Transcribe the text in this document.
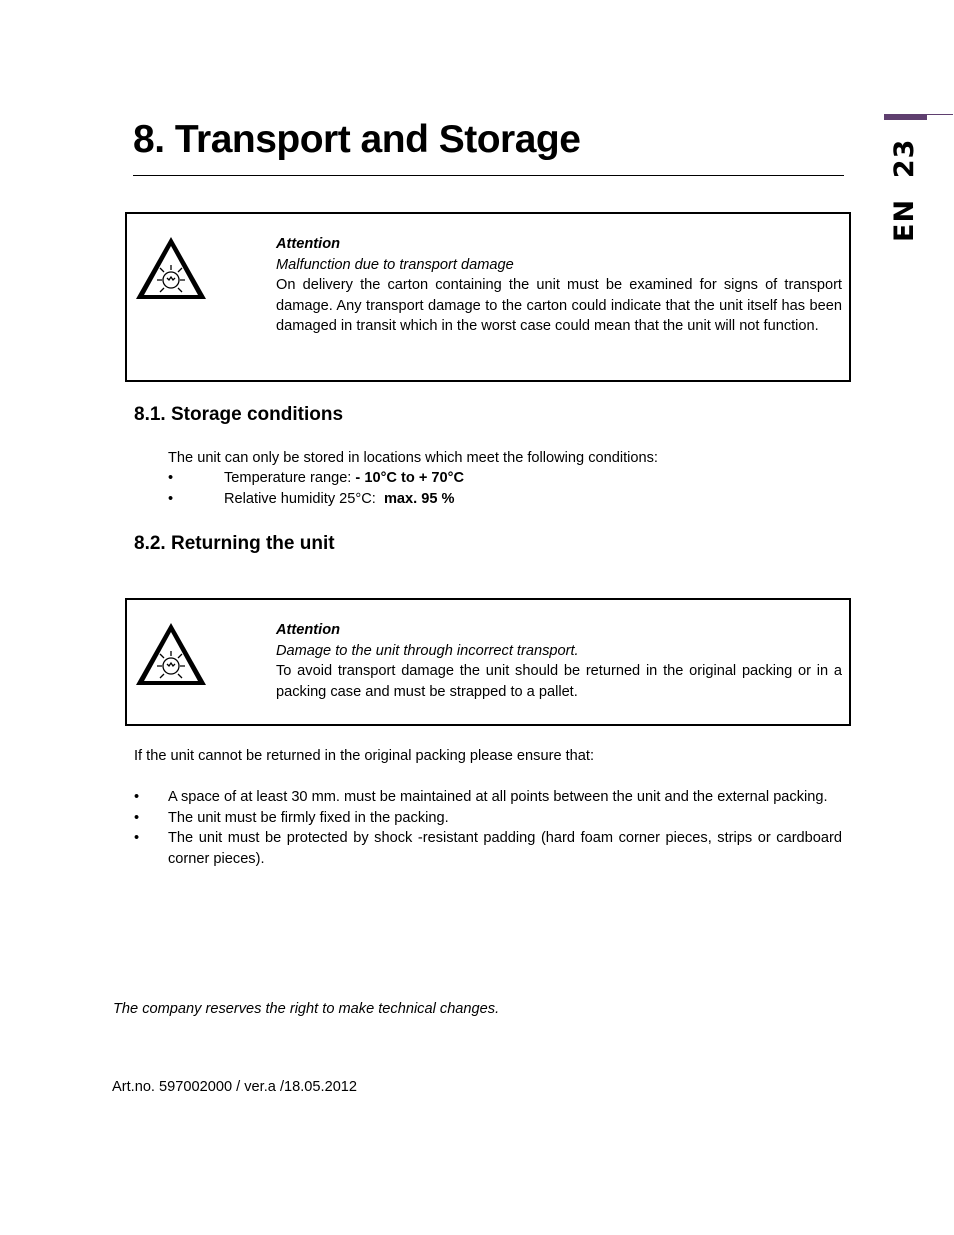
EN  23
8. Transport and Storage
Attention
Malfunction due to transport damage
On delivery the carton containing the unit must be examined for signs of transport damage. Any transport damage to the carton could indicate that the unit itself has been damaged in transit which in the worst case could mean that the unit will not function.
8.1. Storage conditions
The unit can only be stored in locations which meet the following conditions:
•	Temperature range: - 10°C to + 70°C
•	Relative humidity 25°C:  max. 95 %
8.2. Returning the unit
Attention
Damage to the unit through incorrect transport.
To avoid transport damage the unit should be returned in the original packing or in a packing case and must be strapped to a pallet.
If the unit cannot be returned in the original packing please ensure that:
• A space of at least 30 mm. must be maintained at all points between the unit and the external packing.
• The unit must be firmly fixed in the packing.
• The unit must be protected by shock -resistant padding (hard foam corner pieces, strips or cardboard corner pieces).
The company reserves the right to make technical changes.
Art.no. 597002000 / ver.a /18.05.2012
